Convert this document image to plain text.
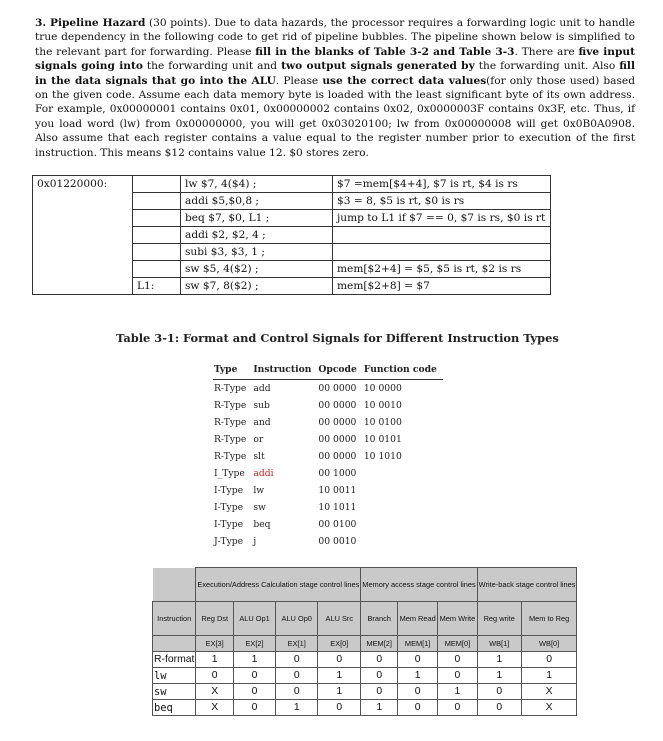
3. Pipeline Hazard (30 points). Due to data hazards, the processor requires a forwarding logic unit to handle true dependency in the following code to get rid of pipeline bubbles. The pipeline shown below is simplified to the relevant part for forwarding. Please fill in the blanks of Table 3-2 and Table 3-3. There are five input signals going into the forwarding unit and two output signals generated by the forwarding unit. Also fill in the data signals that go into the ALU. Please use the correct data values(for only those used) based on the given code. Assume each data memory byte is loaded with the least significant byte of its own address. For example, 0x00000001 contains 0x01, 0x00000002 contains 0x02, 0x0000003F contains 0x3F, etc. Thus, if you load word (lw) from 0x00000000, you will get 0x03020100; lw from 0x00000008 will get 0x0B0A0908. Also assume that each register contains a value equal to the register number prior to execution of the first instruction. This means $12 contains value 12. $0 stores zero.
0x01220000:		lw $7, 4($4) ;	$7 =mem[$4+4], $7 is rt, $4 is rs
		addi $5,$0,8 ;	$3 = 8, $5 is rt, $0 is rs
		beq $7, $0, L1 ;	jump to L1 if $7 == 0, $7 is rs, $0 is rt
		addi $2, $2, 4 ;	
		subi $3, $3, 1 ;	
		sw $5, 4($2) ;	mem[$2+4] = $5, $5 is rt, $2 is rs
	L1:	sw $7, 8($2) ;	mem[$2+8] = $7
Table 3-1: Format and Control Signals for Different Instruction Types
Type	Instruction	Opcode	Function code
R-Type	add	00 0000	10 0000
R-Type	sub	00 0000	10 0010
R-Type	and	00 0000	10 0100
R-Type	or	00 0000	10 0101
R-Type	slt	00 0000	10 1010
I_Type	addi	00 1000	
I-Type	lw	10 0011	
I-Type	sw	10 1011	
I-Type	beq	00 0100	
J-Type	j	00 0010	
	Execution/Address Calculation stage control lines				Memory access stage control lines			Write-back stage control lines	
Instruction	Reg Dst	ALU Op1	ALU Op0	ALU Src	Branch	Mem Read	Mem Write	Reg write	Mem to Reg
	EX[3]	EX[2]	EX[1]	EX[0]	MEM[2]	MEM[1]	MEM[0]	WB[1]	WB[0]
R-format	1	1	0	0	0	0	0	1	0
lw	0	0	0	1	0	1	0	1	1
sw	X	0	0	1	0	0	1	0	X
beq	X	0	1	0	1	0	0	0	X
